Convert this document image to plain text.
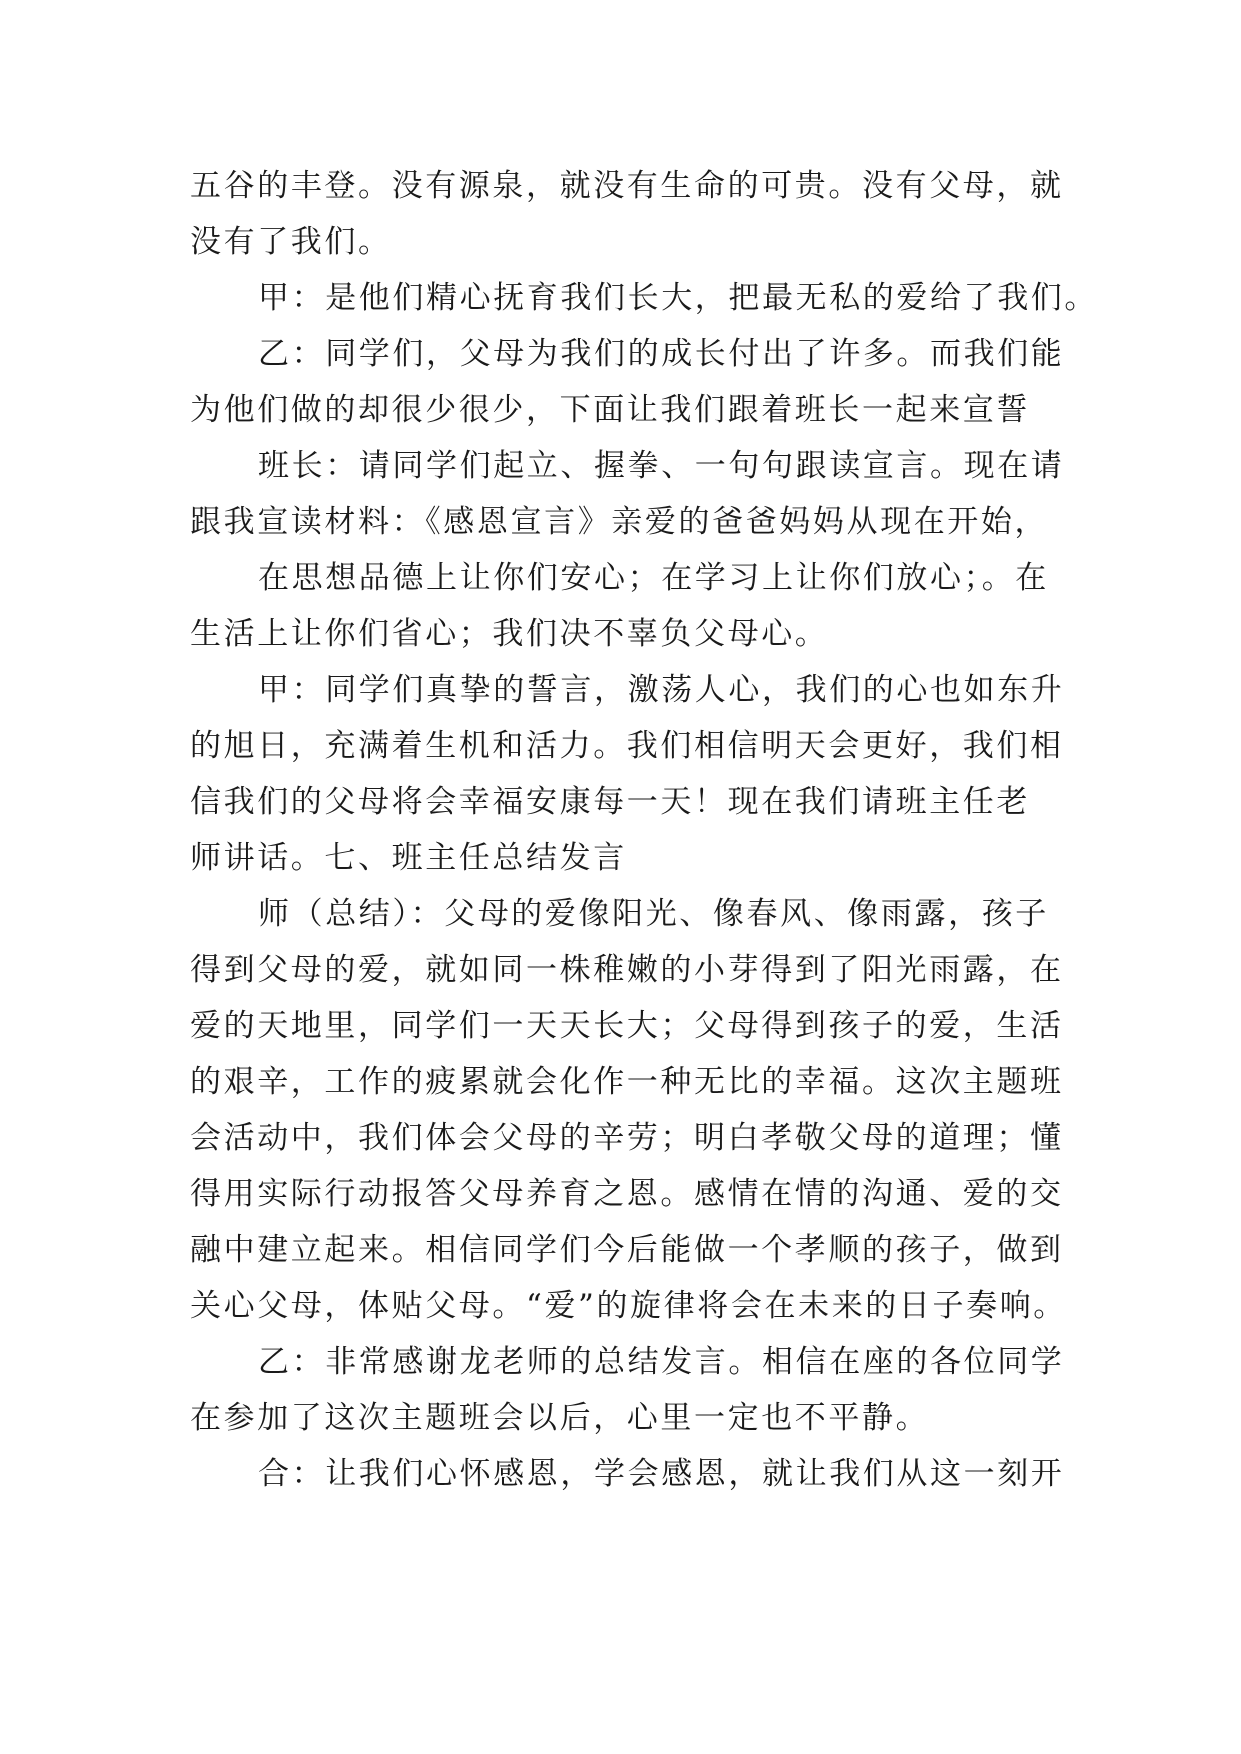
五谷的丰登。没有源泉，就没有生命的可贵。没有父母，就
没有了我们。
甲：是他们精心抚育我们长大，把最无私的爱给了我们。
乙：同学们，父母为我们的成长付出了许多。而我们能
为他们做的却很少很少，下面让我们跟着班长一起来宣誓
班长：请同学们起立、握拳、一句句跟读宣言。现在请
跟我宣读材料：《感恩宣言》亲爱的爸爸妈妈从现在开始，
在思想品德上让你们安心；在学习上让你们放心；。在
生活上让你们省心；我们决不辜负父母心。
甲：同学们真挚的誓言，激荡人心，我们的心也如东升
的旭日，充满着生机和活力。我们相信明天会更好，我们相
信我们的父母将会幸福安康每一天！现在我们请班主任老
师讲话。七、班主任总结发言
师（总结）：父母的爱像阳光、像春风、像雨露，孩子
得到父母的爱，就如同一株稚嫩的小芽得到了阳光雨露，在
爱的天地里，同学们一天天长大；父母得到孩子的爱，生活
的艰辛，工作的疲累就会化作一种无比的幸福。这次主题班
会活动中，我们体会父母的辛劳；明白孝敬父母的道理；懂
得用实际行动报答父母养育之恩。感情在情的沟通、爱的交
融中建立起来。相信同学们今后能做一个孝顺的孩子，做到
关心父母，体贴父母。“爱”的旋律将会在未来的日子奏响。
乙：非常感谢龙老师的总结发言。相信在座的各位同学
在参加了这次主题班会以后，心里一定也不平静。
合：让我们心怀感恩，学会感恩，就让我们从这一刻开
